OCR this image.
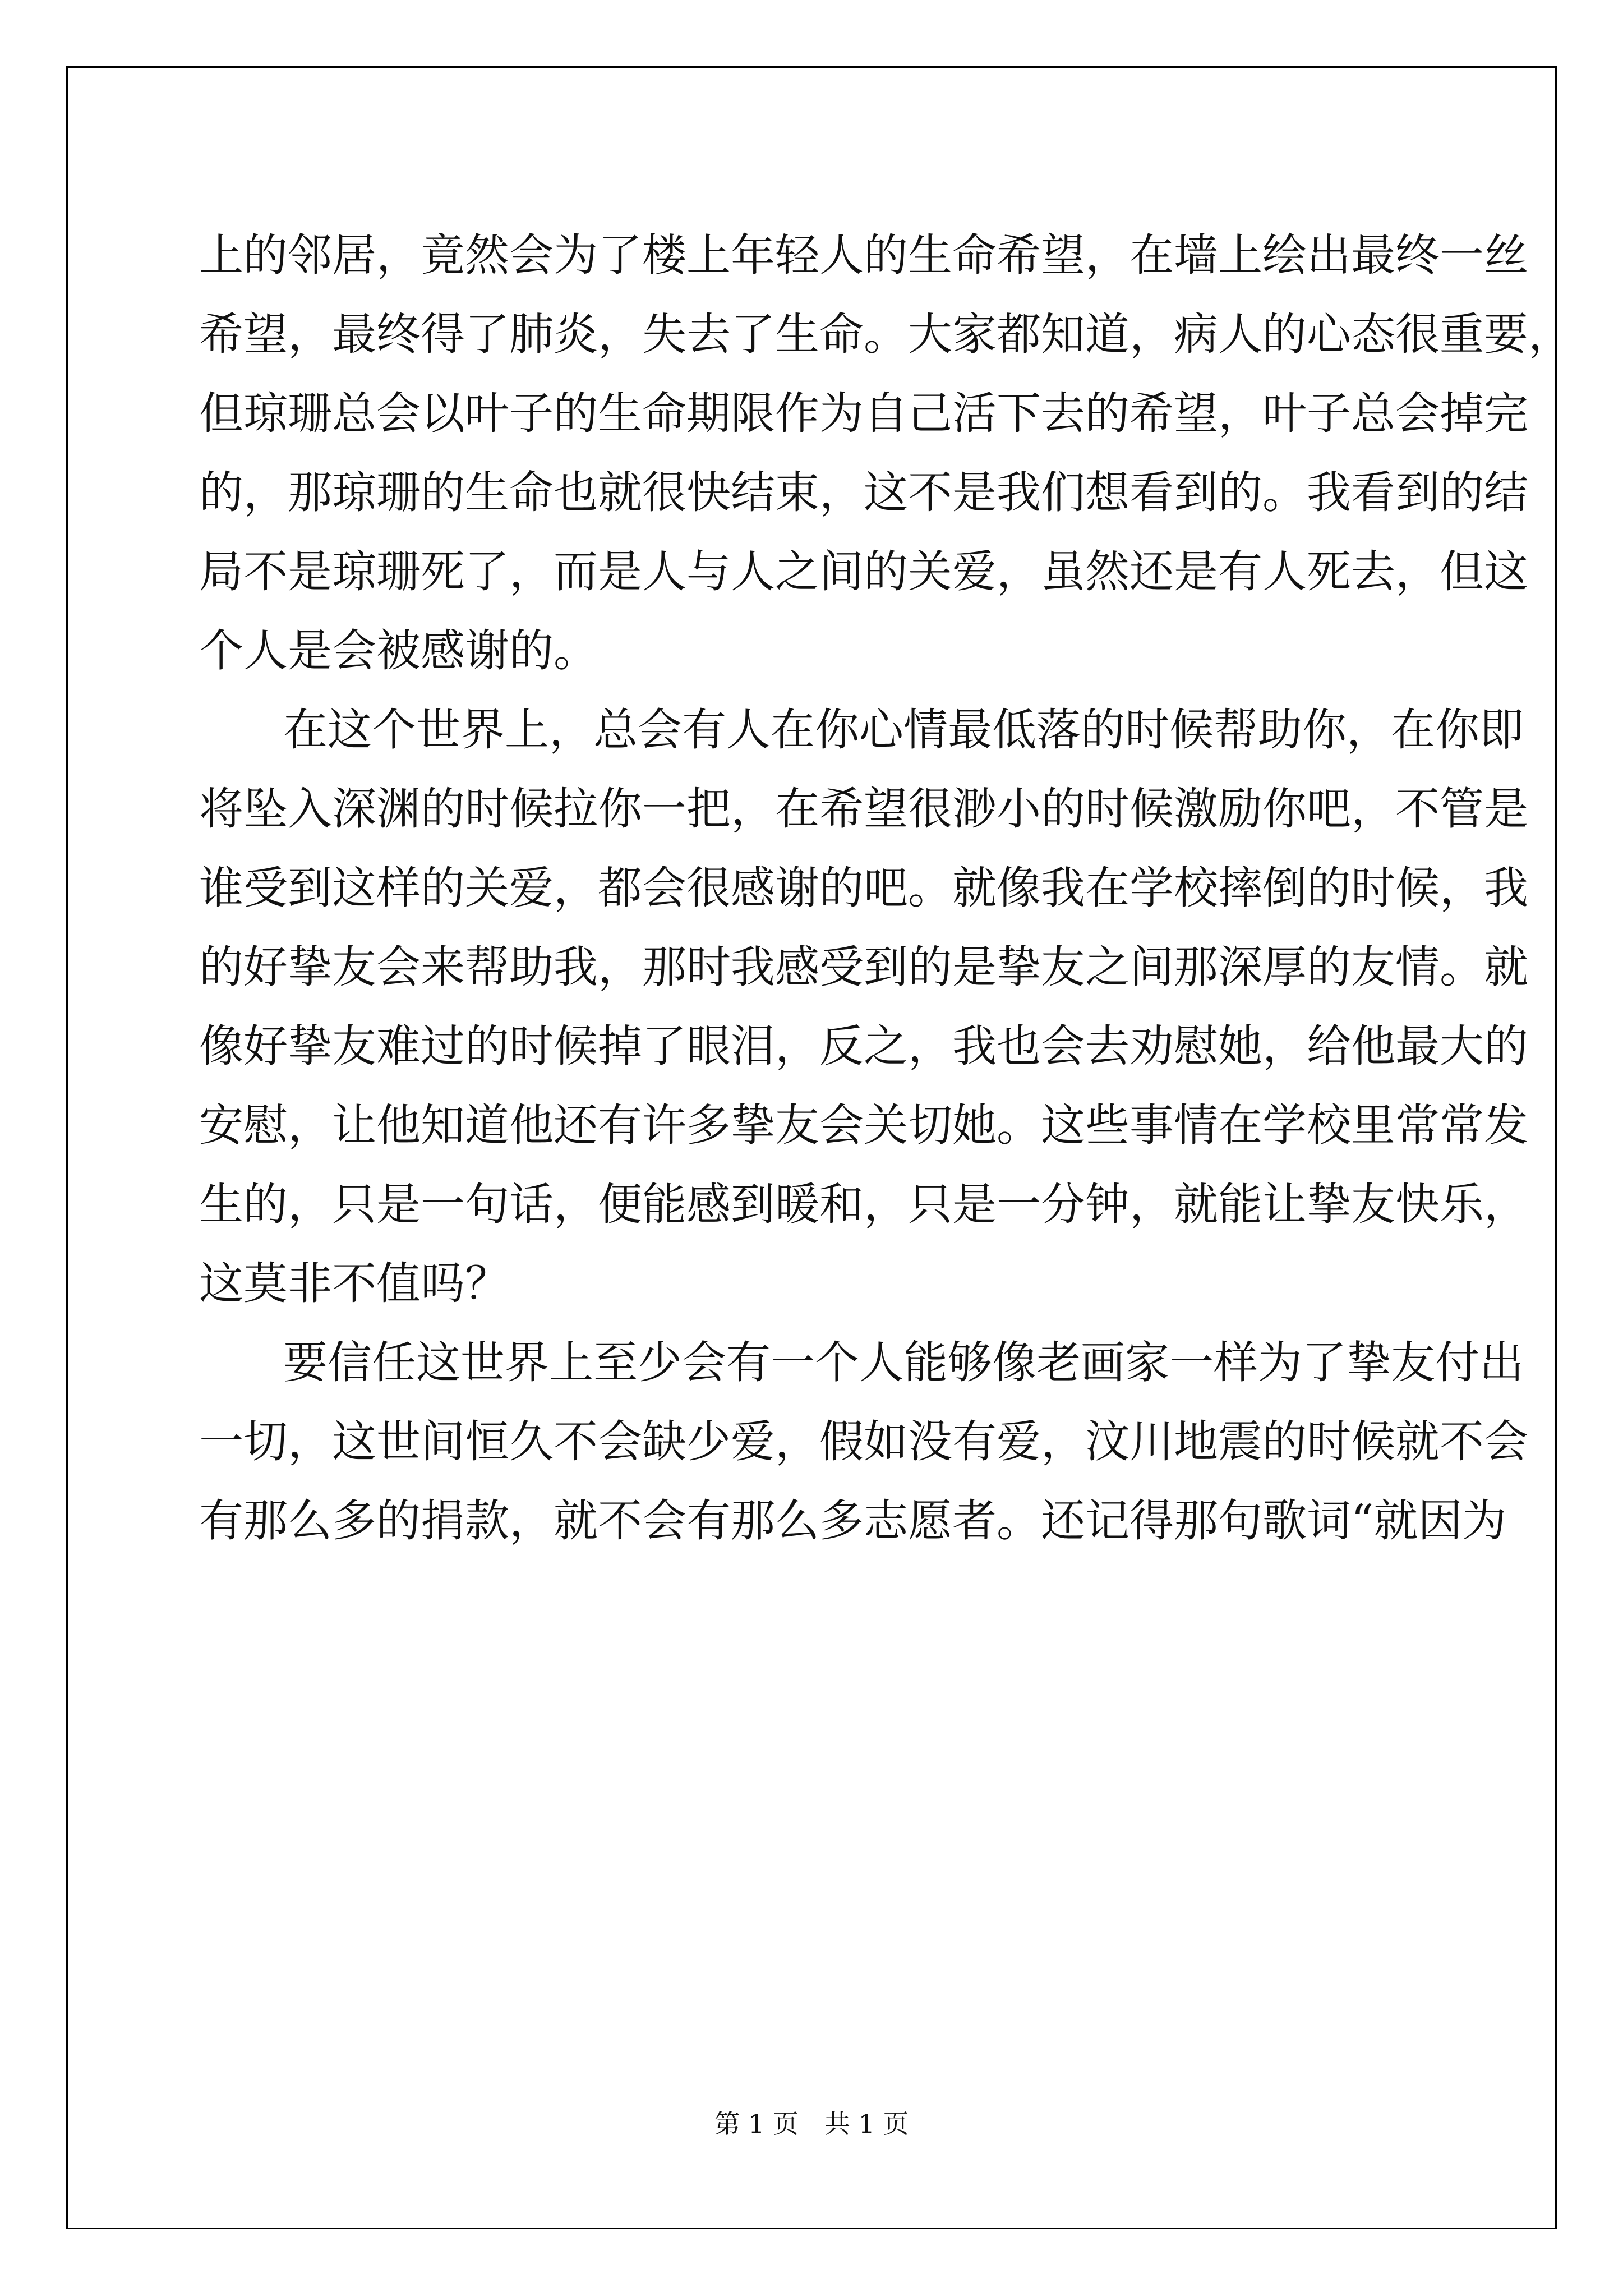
上的邻居，竟然会为了楼上年轻人的生命希望，在墙上绘出最终一丝
希望，最终得了肺炎，失去了生命。大家都知道，病人的心态很重要，
但琼珊总会以叶子的生命期限作为自己活下去的希望，叶子总会掉完
的，那琼珊的生命也就很快结束，这不是我们想看到的。我看到的结
局不是琼珊死了，而是人与人之间的关爱，虽然还是有人死去，但这
个人是会被感谢的。
在这个世界上，总会有人在你心情最低落的时候帮助你，在你即
将坠入深渊的时候拉你一把，在希望很渺小的时候激励你吧，不管是
谁受到这样的关爱，都会很感谢的吧。就像我在学校摔倒的时候，我
的好挚友会来帮助我，那时我感受到的是挚友之间那深厚的友情。就
像好挚友难过的时候掉了眼泪，反之，我也会去劝慰她，给他最大的
安慰，让他知道他还有许多挚友会关切她。这些事情在学校里常常发
生的，只是一句话，便能感到暖和，只是一分钟，就能让挚友快乐，
这莫非不值吗？
要信任这世界上至少会有一个人能够像老画家一样为了挚友付出
一切，这世间恒久不会缺少爱，假如没有爱，汶川地震的时候就不会
有那么多的捐款，就不会有那么多志愿者。还记得那句歌词“就因为
第 1 页　共 1 页
